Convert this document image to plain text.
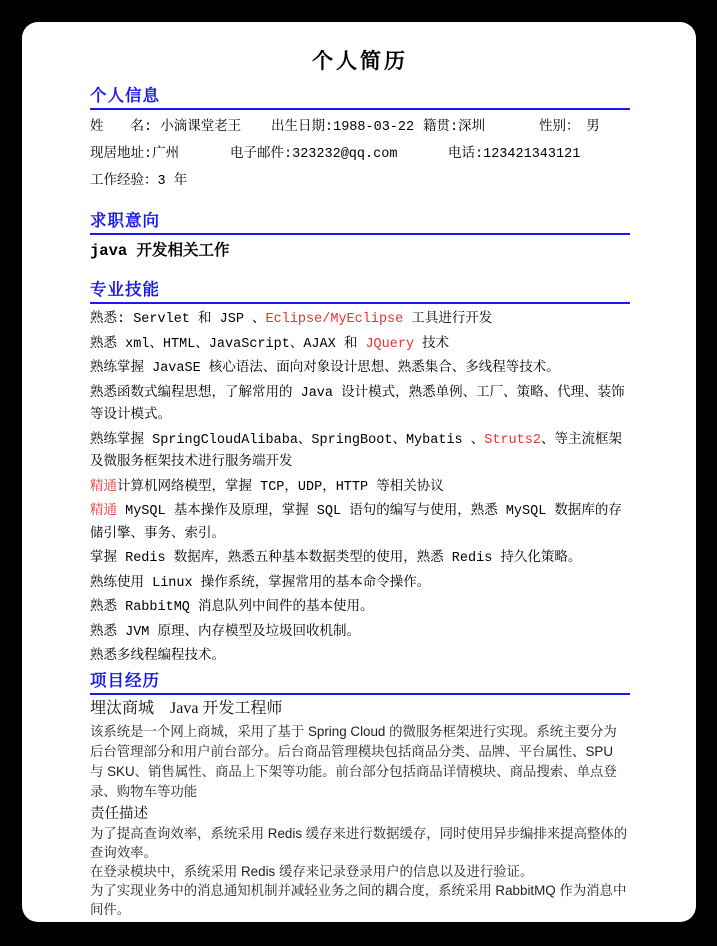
个人简历
个人信息
姓　　名: 小滴课堂老王	出生日期:1988-03-22 籍贯:深圳	性别：　男
现居地址:广州	电子邮件:323232@qq.com	电话:123421343121
工作经验：3 年
求职意向

java 开发相关工作

专业技能

熟悉: Servlet 和 JSP 、Eclipse/MyEclipse 工具进行开发

熟悉 xml、HTML、JavaScript、AJAX 和 JQuery 技术

熟练掌握 JavaSE 核心语法、面向对象设计思想、熟悉集合、多线程等技术。

熟悉函数式编程思想，了解常用的 Java 设计模式，熟悉单例、工厂、策略、代理、装饰等设计模式。

熟练掌握 SpringCloudAlibaba、SpringBoot、Mybatis 、Struts2、等主流框架及微服务框架技术进行服务端开发

精通计算机网络模型，掌握 TCP，UDP，HTTP 等相关协议

精通 MySQL 基本操作及原理，掌握 SQL 语句的编写与使用，熟悉 MySQL 数据库的存储引擎、事务、索引。

掌握 Redis 数据库，熟悉五种基本数据类型的使用，熟悉 Redis 持久化策略。

熟练使用 Linux 操作系统，掌握常用的基本命令操作。

熟悉 RabbitMQ 消息队列中间件的基本使用。

熟悉 JVM 原理、内存模型及垃圾回收机制。

熟悉多线程编程技术。

项目经历
埋汰商城　Java 开发工程师

该系统是一个网上商城，采用了基于 Spring Cloud 的微服务框架进行实现。系统主要分为后台管理部分和用户前台部分。后台商品管理模块包括商品分类、品牌、平台属性、SPU 与 SKU、销售属性、商品上下架等功能。前台部分包括商品详情模块、商品搜索、单点登录、购物车等功能

责任描述

为了提高查询效率，系统采用 Redis 缓存来进行数据缓存，同时使用异步编排来提高整体的查询效率。

在登录模块中，系统采用 Redis 缓存来记录登录用户的信息以及进行验证。

为了实现业务中的消息通知机制并减轻业务之间的耦合度，系统采用 RabbitMQ 作为消息中间件。
